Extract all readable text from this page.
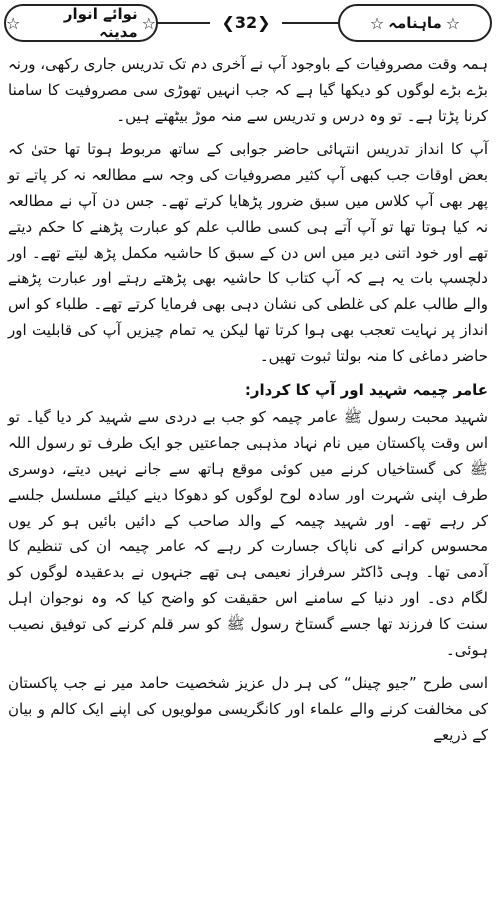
☆
ماہنامہ
☆
❮ 32 ❯
☆
نوائے انوار مدینہ
☆

ہمہ وقت مصروفیات کے باوجود آپ نے آخری دم تک تدریس جاری رکھی، ورنہ بڑے بڑے لوگوں کو دیکھا گیا ہے کہ جب انہیں تھوڑی سی مصروفیت کا سامنا کرنا پڑتا ہے۔ تو وہ درس و تدریس سے منہ موڑ بیٹھتے ہیں۔

آپ کا انداز تدریس انتہائی حاضر جوابی کے ساتھ مربوط ہوتا تھا حتیٰ کہ بعض اوقات جب کبھی آپ کثیر مصروفیات کی وجہ سے مطالعہ نہ کر پاتے تو پھر بھی آپ کلاس میں سبق ضرور پڑھایا کرتے تھے۔ جس دن آپ نے مطالعہ نہ کیا ہوتا تھا تو آپ آتے ہی کسی طالب علم کو عبارت پڑھنے کا حکم دیتے تھے اور خود اتنی دیر میں اس دن کے سبق کا حاشیہ مکمل پڑھ لیتے تھے۔ اور دلچسپ بات یہ ہے کہ آپ کتاب کا حاشیہ بھی پڑھتے رہتے اور عبارت پڑھنے والے طالب علم کی غلطی کی نشان دہی بھی فرمایا کرتے تھے۔ طلباء کو اس انداز پر نہایت تعجب بھی ہوا کرتا تھا لیکن یہ تمام چیزیں آپ کی قابلیت اور حاضر دماغی کا منہ بولتا ثبوت تھیں۔

عامر چیمہ شہید اور آپ کا کردار:

شہید محبت رسول ﷺ عامر چیمہ کو جب بے دردی سے شہید کر دیا گیا۔ تو اس وقت پاکستان میں نام نہاد مذہبی جماعتیں جو ایک طرف تو رسول اللہ ﷺ کی گستاخیاں کرنے میں کوئی موقع ہاتھ سے جانے نہیں دیتے، دوسری طرف اپنی شہرت اور سادہ لوح لوگوں کو دھوکا دینے کیلئے مسلسل جلسے کر رہے تھے۔ اور شہید چیمہ کے والد صاحب کے دائیں بائیں ہو کر یوں محسوس کرانے کی ناپاک جسارت کر رہے کہ عامر چیمہ ان کی تنظیم کا آدمی تھا۔ وہی ڈاکٹر سرفراز نعیمی ہی تھے جنہوں نے بدعقیدہ لوگوں کو لگام دی۔ اور دنیا کے سامنے اس حقیقت کو واضح کیا کہ وہ نوجوان اہل سنت کا فرزند تھا جسے گستاخ رسول ﷺ کو سر قلم کرنے کی توفیق نصیب ہوئی۔

اسی طرح ”جیو چینل“ کی ہر دل عزیز شخصیت حامد میر نے جب پاکستان کی مخالفت کرنے والے علماء اور کانگریسی مولویوں کی اپنے ایک کالم و بیان کے ذریعے
